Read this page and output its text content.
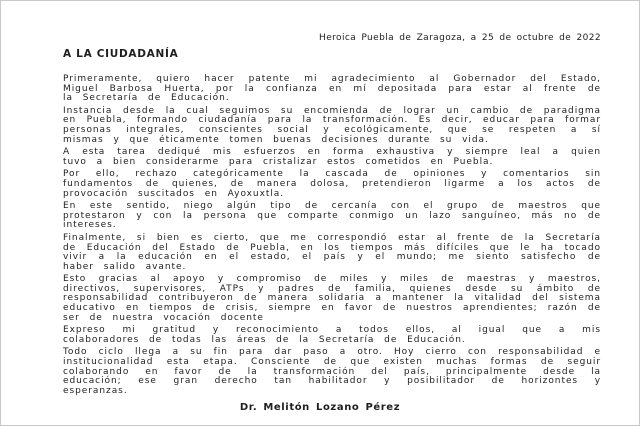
Heroica Puebla de Zaragoza, a 25 de octubre de 2022
A LA CIUDADANÍA

Primeramente, quiero hacer patente mi agradecimiento al Gobernador del Estado, Miguel Barbosa Huerta, por la confianza en mí depositada para estar al frente de la Secretaría de Educación.

Instancia desde la cual seguimos su encomienda de lograr un cambio de paradigma en Puebla, formando ciudadanía para la transformación. Es decir, educar para formar personas integrales, conscientes social y ecológicamente, que se respeten a sí mismas y que éticamente tomen buenas decisiones durante su vida.

A esta tarea dediqué mis esfuerzos en forma exhaustiva y siempre leal a quien tuvo a bien considerarme para cristalizar estos cometidos en Puebla.

Por ello, rechazo categóricamente la cascada de opiniones y comentarios sin fundamentos de quienes, de manera dolosa, pretendieron ligarme a los actos de provocación suscitados en Ayoxuxtla.

En este sentido, niego algún tipo de cercanía con el grupo de maestros que protestaron y con la persona que comparte conmigo un lazo sanguíneo, más no de intereses.

Finalmente, si bien es cierto, que me correspondió estar al frente de la Secretaría de Educación del Estado de Puebla, en los tiempos más difíciles que le ha tocado vivir a la educación en el estado, el país y el mundo; me siento satisfecho de haber salido avante.

Esto gracias al apoyo y compromiso de miles y miles de maestras y maestros, directivos, supervisores, ATPs y padres de familia, quienes desde su ámbito de responsabilidad contribuyeron de manera solidaria a mantener la vitalidad del sistema educativo en tiempos de crisis, siempre en favor de nuestros aprendientes; razón de ser de nuestra vocación docente

Expreso mi gratitud y reconocimiento a todos ellos, al igual que a mis colaboradores de todas las áreas de la Secretaría de Educación.

Todo ciclo llega a su fin para dar paso a otro. Hoy cierro con responsabilidad e institucionalidad esta etapa. Consciente de que existen muchas formas de seguir colaborando en favor de la transformación del país, principalmente desde la educación; ese gran derecho tan habilitador y posibilitador de horizontes y esperanzas.

Dr. Melitón Lozano Pérez
